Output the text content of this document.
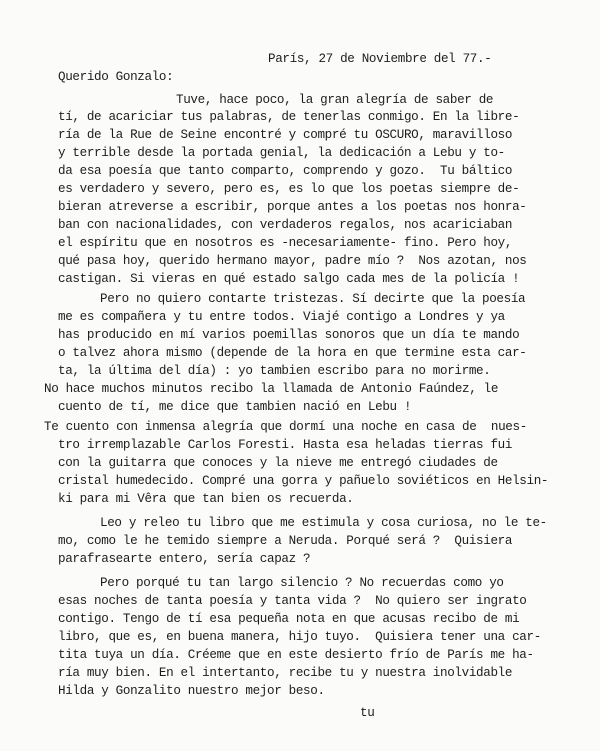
París, 27 de Noviembre del 77.-
Querido Gonzalo:
Tuve, hace poco, la gran alegría de saber de
tí, de acariciar tus palabras, de tenerlas conmigo. En la libre-
ría de la Rue de Seine encontré y compré tu OSCURO, maravilloso
y terrible desde la portada genial, la dedicación a Lebu y to-
da esa poesía que tanto comparto, comprendo y gozo.  Tu báltico
es verdadero y severo, pero es, es lo que los poetas siempre de-
bieran atreverse a escribir, porque antes a los poetas nos honra-
ban con nacionalidades, con verdaderos regalos, nos acariciaban
el espíritu que en nosotros es -necesariamente- fino. Pero hoy,
qué pasa hoy, querido hermano mayor, padre mío ?  Nos azotan, nos
castigan. Si vieras en qué estado salgo cada mes de la policía !
Pero no quiero contarte tristezas. Sí decirte que la poesía
me es compañera y tu entre todos. Viajé contigo a Londres y ya
has producido en mí varios poemillas sonoros que un día te mando
o talvez ahora mismo (depende de la hora en que termine esta car-
ta, la última del día) : yo tambien escribo para no morirme.
No hace muchos minutos recibo la llamada de Antonio Faúndez, le
cuento de tí, me dice que tambien nació en Lebu !
Te cuento con inmensa alegría que dormí una noche en casa de  nues-
tro irremplazable Carlos Foresti. Hasta esa heladas tierras fui
con la guitarra que conoces y la nieve me entregó ciudades de
cristal humedecido. Compré una gorra y pañuelo soviéticos en Helsin-
ki para mi Vêra que tan bien os recuerda.
Leo y releo tu libro que me estimula y cosa curiosa, no le te-
mo, como le he temido siempre a Neruda. Porqué será ?  Quisiera
parafrasearte entero, sería capaz ?
Pero porqué tu tan largo silencio ? No recuerdas como yo
esas noches de tanta poesía y tanta vida ?  No quiero ser ingrato
contigo. Tengo de tí esa pequeña nota en que acusas recibo de mi
libro, que es, en buena manera, hijo tuyo.  Quisiera tener una car-
tita tuya un día. Créeme que en este desierto frío de París me ha-
ría muy bien. En el intertanto, recibe tu y nuestra inolvidable
Hilda y Gonzalito nuestro mejor beso.
tu
